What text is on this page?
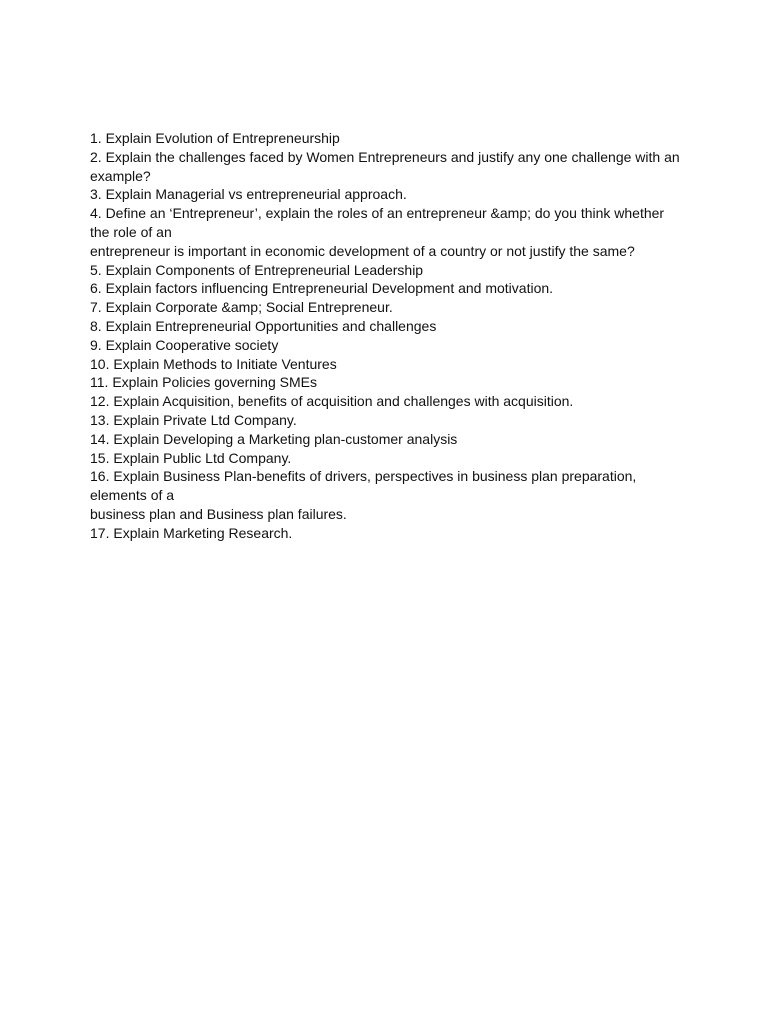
1. Explain Evolution of Entrepreneurship
2. Explain the challenges faced by Women Entrepreneurs and justify any one challenge with an
example?
3. Explain Managerial vs entrepreneurial approach.
4. Define an ‘Entrepreneur’, explain the roles of an entrepreneur &amp; do you think whether
the role of an
entrepreneur is important in economic development of a country or not justify the same?
5. Explain Components of Entrepreneurial Leadership
6. Explain factors influencing Entrepreneurial Development and motivation.
7. Explain Corporate &amp; Social Entrepreneur.
8. Explain Entrepreneurial Opportunities and challenges
9. Explain Cooperative society
10. Explain Methods to Initiate Ventures
11. Explain Policies governing SMEs
12. Explain Acquisition, benefits of acquisition and challenges with acquisition.
13. Explain Private Ltd Company.
14. Explain Developing a Marketing plan-customer analysis
15. Explain Public Ltd Company.
16. Explain Business Plan-benefits of drivers, perspectives in business plan preparation,
elements of a
business plan and Business plan failures.
17. Explain Marketing Research.
